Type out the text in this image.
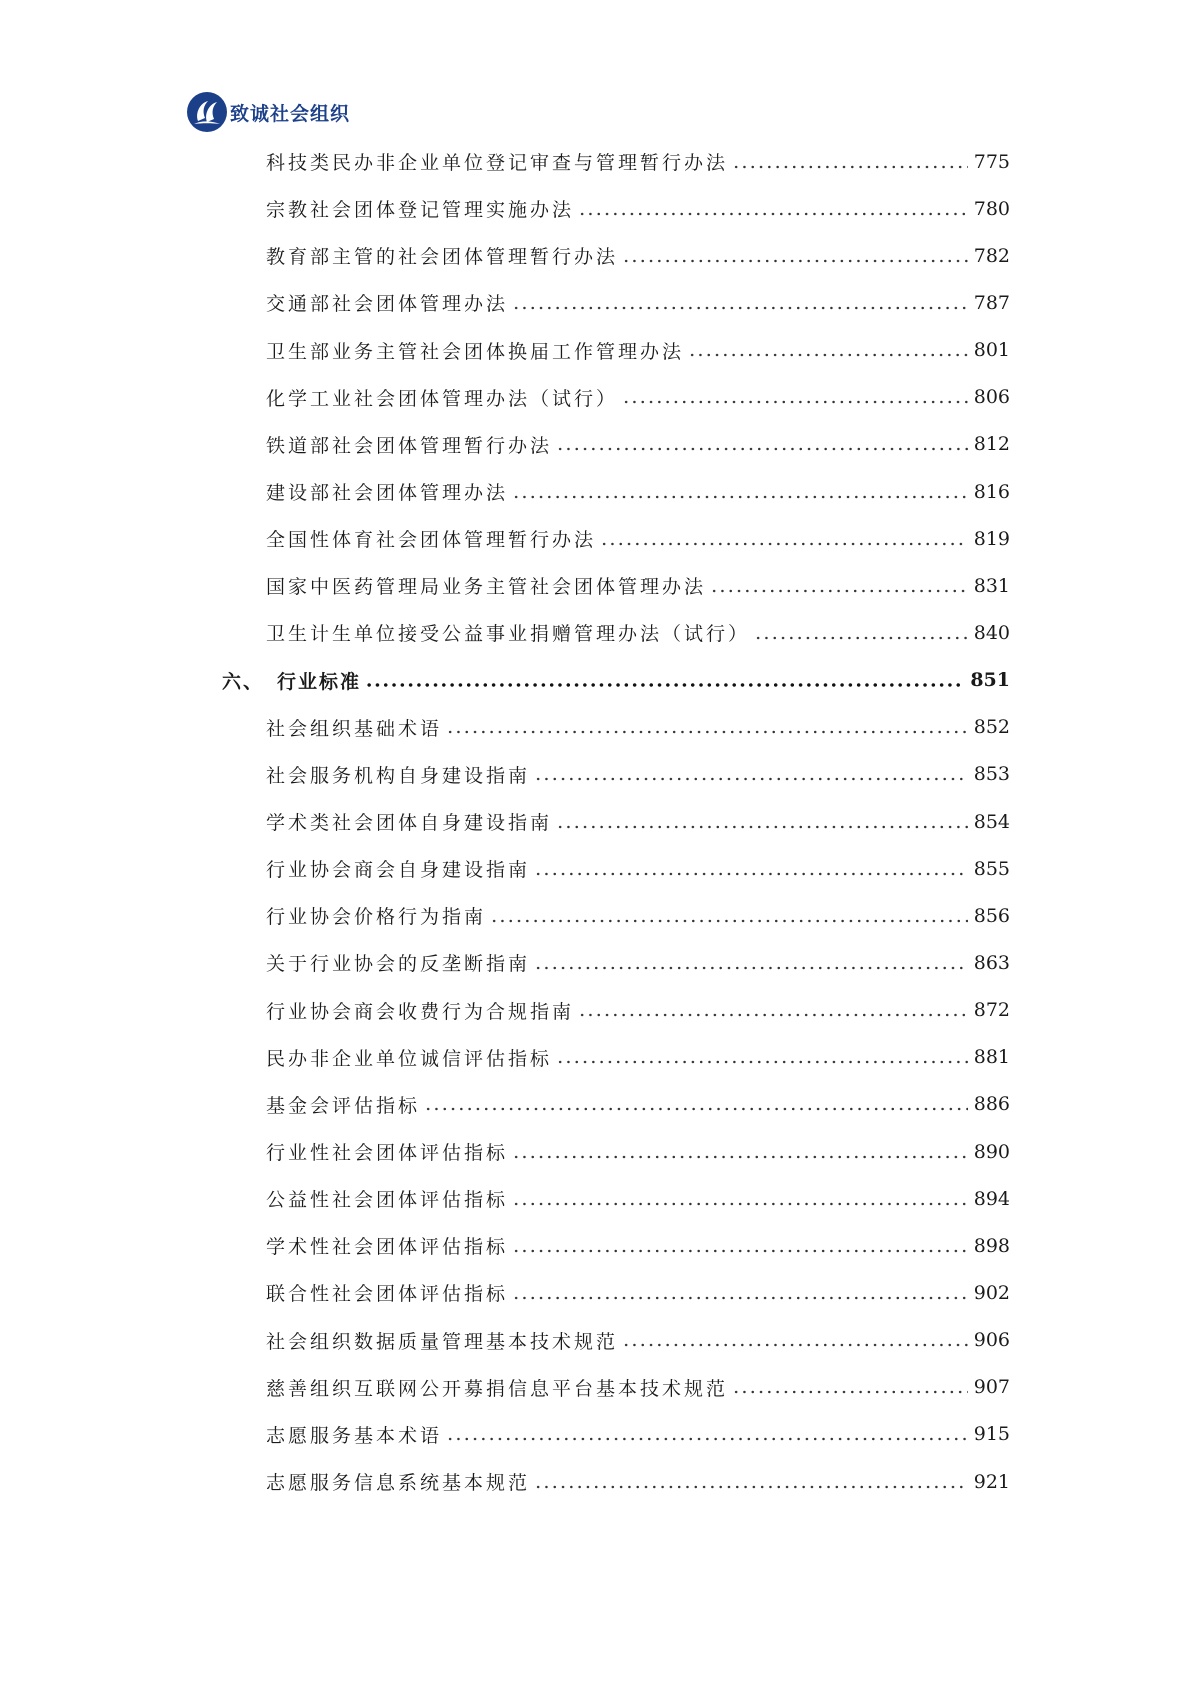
致诚社会组织
科技类民办非企业单位登记审查与管理暂行办法	775
宗教社会团体登记管理实施办法	780
教育部主管的社会团体管理暂行办法	782
交通部社会团体管理办法	787
卫生部业务主管社会团体换届工作管理办法	801
化学工业社会团体管理办法（试行）	806
铁道部社会团体管理暂行办法	812
建设部社会团体管理办法	816
全国性体育社会团体管理暂行办法	819
国家中医药管理局业务主管社会团体管理办法	831
卫生计生单位接受公益事业捐赠管理办法（试行）	840
六、 行业标准	851
社会组织基础术语	852
社会服务机构自身建设指南	853
学术类社会团体自身建设指南	854
行业协会商会自身建设指南	855
行业协会价格行为指南	856
关于行业协会的反垄断指南	863
行业协会商会收费行为合规指南	872
民办非企业单位诚信评估指标	881
基金会评估指标	886
行业性社会团体评估指标	890
公益性社会团体评估指标	894
学术性社会团体评估指标	898
联合性社会团体评估指标	902
社会组织数据质量管理基本技术规范	906
慈善组织互联网公开募捐信息平台基本技术规范	907
志愿服务基本术语	915
志愿服务信息系统基本规范	921
